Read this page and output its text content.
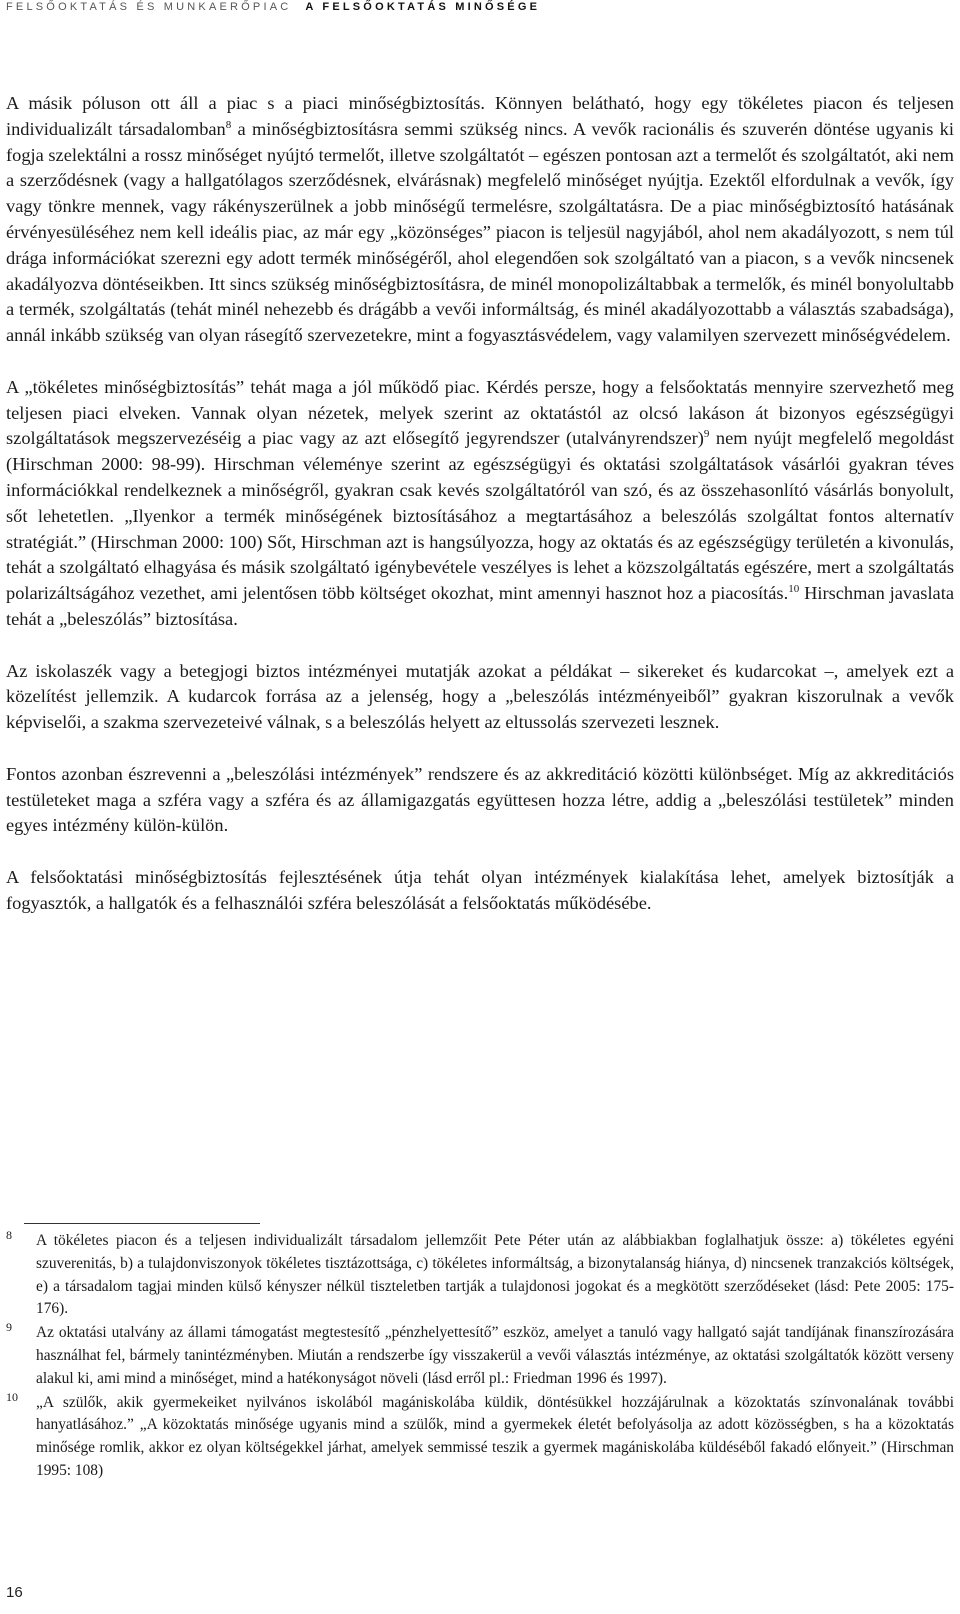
FELSŐOKTATÁS ÉS MUNKAERŐPIAC A FELSŐOKTATÁS MINŐSÉGE

A másik póluson ott áll a piac s a piaci minőségbiztosítás. Könnyen belátható, hogy egy tökéletes piacon és teljesen individualizált társadalomban$^8$ a minőségbiztosításra semmi szükség nincs. A vevők racionális és szuverén döntése ugyanis ki fogja szelektálni a rossz minőséget nyújtó termelőt, illetve szolgáltatót – egészen pontosan azt a termelőt és szolgáltatót, aki nem a szerződésnek (vagy a hallgatólagos szerződésnek, elvárásnak) megfelelő minőséget nyújtja. Ezektől elfordulnak a vevők, így vagy tönkre mennek, vagy rákényszerülnek a jobb minőségű termelésre, szolgáltatásra. De a piac minőségbiztosító hatásának érvényesüléséhez nem kell ideális piac, az már egy „közönséges” piacon is teljesül nagyjából, ahol nem akadályozott, s nem túl drága információkat szerezni egy adott termék minőségéről, ahol elegendően sok szolgáltató van a piacon, s a vevők nincsenek akadályozva döntéseikben. Itt sincs szükség minőségbiztosításra, de minél monopolizáltabbak a termelők, és minél bonyolultabb a termék, szolgáltatás (tehát minél nehezebb és drágább a vevői informáltság, és minél akadályozottabb a választás szabadsága), annál inkább szükség van olyan rásegítő szervezetekre, mint a fogyasztásvédelem, vagy valamilyen szervezett minőségvédelem.

A „tökéletes minőségbiztosítás” tehát maga a jól működő piac. Kérdés persze, hogy a felsőoktatás mennyire szervezhető meg teljesen piaci elveken. Vannak olyan nézetek, melyek szerint az oktatástól az olcsó lakáson át bizonyos egészségügyi szolgáltatások megszervezéséig a piac vagy az azt elősegítő jegyrendszer (utalványrendszer)$^9$ nem nyújt megfelelő megoldást (Hirschman 2000: 98-99). Hirschman véleménye szerint az egészségügyi és oktatási szolgáltatások vásárlói gyakran téves információkkal rendelkeznek a minőségről, gyakran csak kevés szolgáltatóról van szó, és az összehasonlító vásárlás bonyolult, sőt lehetetlen. „Ilyenkor a termék minőségének biztosításához a megtartásához a beleszólás szolgáltat fontos alternatív stratégiát.” (Hirschman 2000: 100) Sőt, Hirschman azt is hangsúlyozza, hogy az oktatás és az egészségügy területén a kivonulás, tehát a szolgáltató elhagyása és másik szolgáltató igénybevétele veszélyes is lehet a közszolgáltatás egészére, mert a szolgáltatás polarizáltságához vezethet, ami jelentősen több költséget okozhat, mint amennyi hasznot hoz a piacosítás.$^{10}$ Hirschman javaslata tehát a „beleszólás” biztosítása.

Az iskolaszék vagy a betegjogi biztos intézményei mutatják azokat a példákat – sikereket és kudarcokat –, amelyek ezt a közelítést jellemzik. A kudarcok forrása az a jelenség, hogy a „beleszólás intézményeiből” gyakran kiszorulnak a vevők képviselői, a szakma szervezeteivé válnak, s a beleszólás helyett az eltussolás szervezeti lesznek.

Fontos azonban észrevenni a „beleszólási intézmények” rendszere és az akkreditáció közötti különbséget. Míg az akkreditációs testületeket maga a szféra vagy a szféra és az államigazgatás együttesen hozza létre, addig a „beleszólási testületek” minden egyes intézmény külön-külön.

A felsőoktatási minőségbiztosítás fejlesztésének útja tehát olyan intézmények kialakítása lehet, amelyek biztosítják a fogyasztók, a hallgatók és a felhasználói szféra beleszólását a felsőoktatás működésébe.

8 A tökéletes piacon és a teljesen individualizált társadalom jellemzőit Pete Péter után az alábbiakban foglalhatjuk össze: a) tökéletes egyéni szuverenitás, b) a tulajdonviszonyok tökéletes tisztázottsága, c) tökéletes informáltság, a bizonytalanság hiánya, d) nincsenek tranzakciós költségek, e) a társadalom tagjai minden külső kényszer nélkül tiszteletben tartják a tulajdonosi jogokat és a megkötött szerződéseket (lásd: Pete 2005: 175-176).
9 Az oktatási utalvány az állami támogatást megtestesítő „pénzhelyettesítő” eszköz, amelyet a tanuló vagy hallgató saját tandíjának finanszírozására használhat fel, bármely tanintézményben. Miután a rendszerbe így visszakerül a vevői választás intézménye, az oktatási szolgáltatók között verseny alakul ki, ami mind a minőséget, mind a hatékonyságot növeli (lásd erről pl.: Friedman 1996 és 1997).
10 „A szülők, akik gyermekeiket nyilvános iskolából magániskolába küldik, döntésükkel hozzájárulnak a közoktatás színvonalának további hanyatlásához.” „A közoktatás minősége ugyanis mind a szülők, mind a gyermekek életét befolyásolja az adott közösségben, s ha a közoktatás minősége romlik, akkor ez olyan költségekkel járhat, amelyek semmissé teszik a gyermek magániskolába küldéséből fakadó előnyeit.” (Hirschman 1995: 108)
16
